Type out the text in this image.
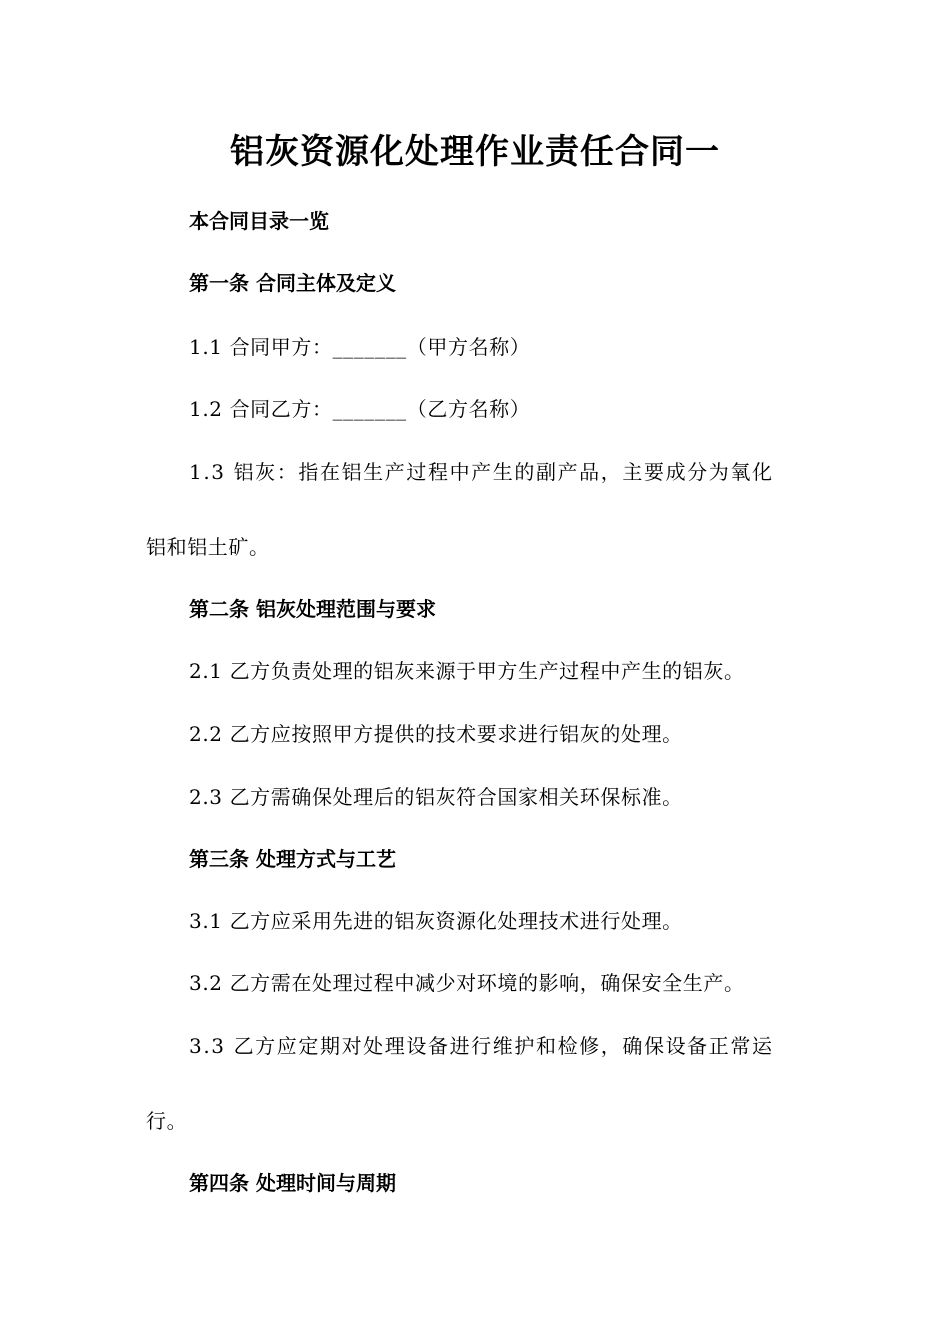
铝灰资源化处理作业责任合同一
本合同目录一览
第一条 合同主体及定义
1.1 合同甲方：_______（甲方名称）
1.2 合同乙方：_______（乙方名称）
1.3 铝灰：指在铝生产过程中产生的副产品，主要成分为氧化
铝和铝土矿。
第二条 铝灰处理范围与要求
2.1 乙方负责处理的铝灰来源于甲方生产过程中产生的铝灰。
2.2 乙方应按照甲方提供的技术要求进行铝灰的处理。
2.3 乙方需确保处理后的铝灰符合国家相关环保标准。
第三条 处理方式与工艺
3.1 乙方应采用先进的铝灰资源化处理技术进行处理。
3.2 乙方需在处理过程中减少对环境的影响，确保安全生产。
3.3 乙方应定期对处理设备进行维护和检修，确保设备正常运
行。
第四条 处理时间与周期
